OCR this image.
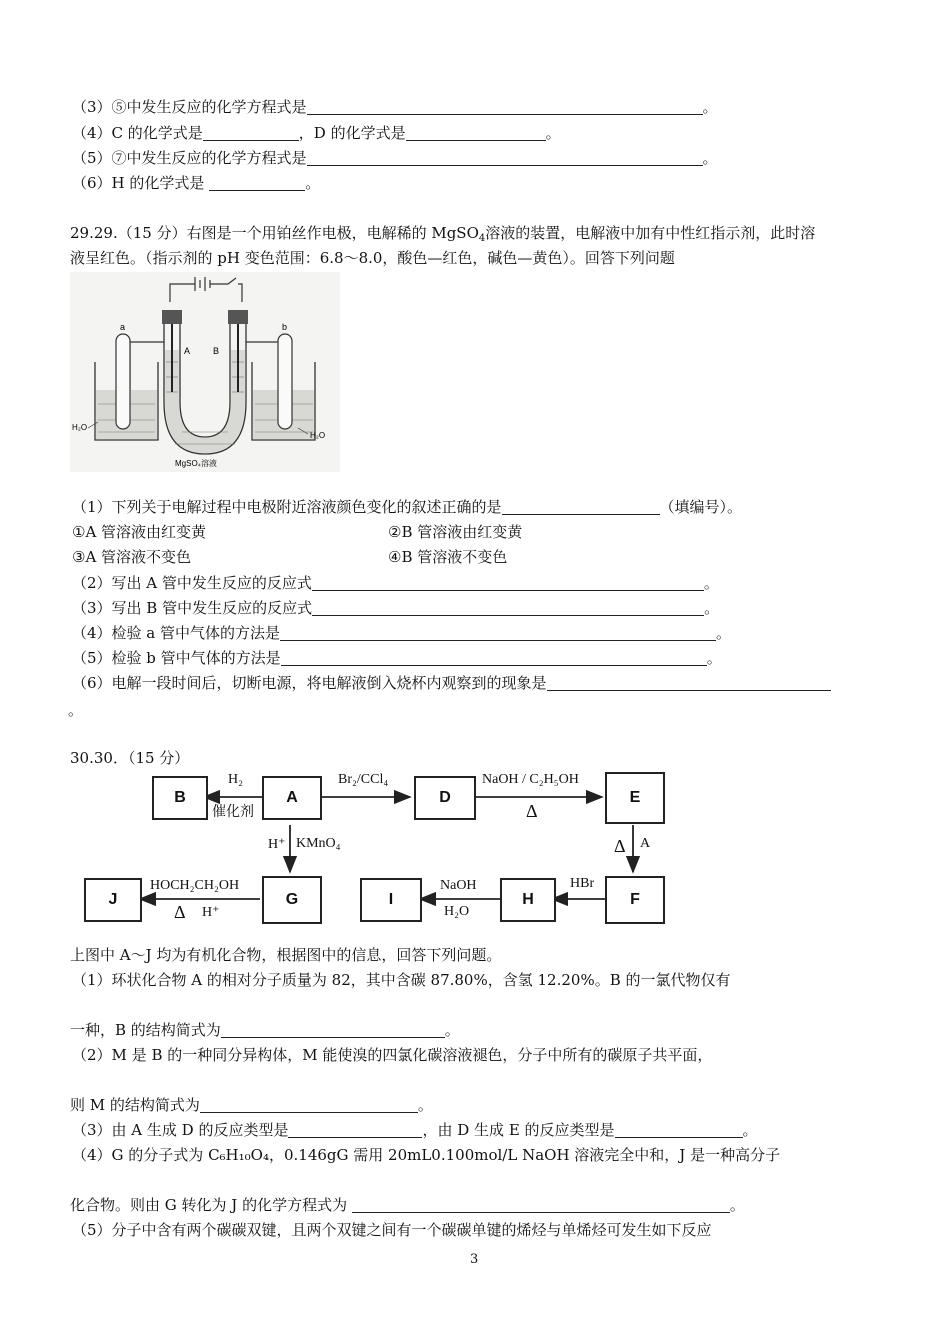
（3）⑤中发生反应的化学方程式是	。
（4）C 的化学式是	，D 的化学式是	。
（5）⑦中发生反应的化学方程式是	。
（6）H 的化学式是	。
29.29.（15 分）右图是一个用铂丝作电极，电解稀的 MgSO$_4$溶液的装置，电解液中加有中性红指示剂，此时溶
液呈红色。（指示剂的 pH 变色范围：6.8～8.0，酸色—红色，碱色—黄色）。回答下列问题
a	b
A	B
H₂O
H₂O
MgSO₄溶液
（1）下列关于电解过程中电极附近溶液颜色变化的叙述正确的是	（填编号）。
①A 管溶液由红变黄	②B 管溶液由红变黄
③A 管溶液不变色	④B 管溶液不变色
（2）写出 A 管中发生反应的反应式	。
（3）写出 B 管中发生反应的反应式	。
（4）检验 a 管中气体的方法是	。
（5）检验 b 管中气体的方法是	。
（6）电解一段时间后，切断电源，将电解液倒入烧杯内观察到的现象是
。
30.30．（15 分）
B	A	D	E
F
H
I
G
J
H₂
催化剂
Br₂/CCl₄	NaOH / C₂H₅OH
Δ
Δ A
H⁺ KMnO₄
HBr
NaOH
H₂O
HOCH₂CH₂OH
Δ H⁺
上图中 A～J 均为有机化合物，根据图中的信息，回答下列问题。
（1）环状化合物 A 的相对分子质量为 82，其中含碳 87.80%，含氢 12.20%。B 的一氯代物仅有
一种，B 的结构简式为	。
（2）M 是 B 的一种同分异构体，M 能使溴的四氯化碳溶液褪色，分子中所有的碳原子共平面，
则 M 的结构简式为	。
（3）由 A 生成 D 的反应类型是	，由 D 生成 E 的反应类型是	。
（4）G 的分子式为 C₆H₁₀O₄，0.146gG 需用 20mL0.100mol/L NaOH 溶液完全中和，J 是一种高分子
化合物。则由 G 转化为 J 的化学方程式为	。
（5）分子中含有两个碳碳双键，且两个双键之间有一个碳碳单键的烯烃与单烯烃可发生如下反应
3
